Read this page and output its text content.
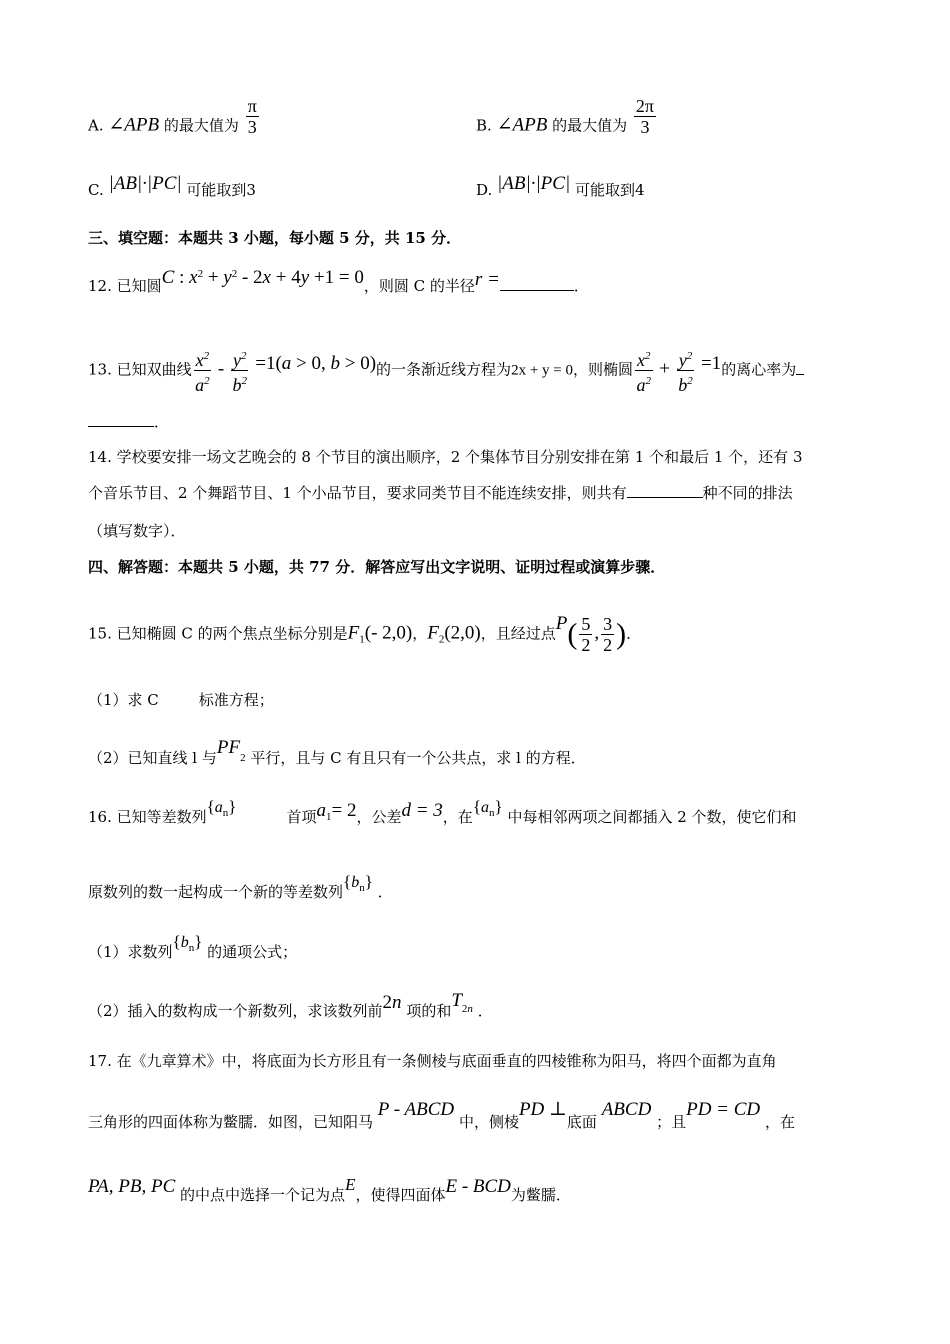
A. ∠APB 的最大值为 $\frac{\pi}{3}$	B. ∠APB 的最大值为 $\frac{2\pi}{3}$
C. |AB|·|PC| 可能取到3	D. |AB|·|PC| 可能取到4
三、填空题：本题共 3 小题，每小题 5 分，共 15 分．
12. 已知圆C : $x^2 + y^2 - 2x + 4y +1 = 0$，则圆 C 的半径r =	．
13. 已知双曲线 $\frac{x^2}{a^2} - \frac{y^2}{b^2} =1(a > 0$, b > 0)的一条渐近线方程为2x + y = 0，则椭圆 $\frac{x^2}{a^2} + \frac{y^2}{b^2} =1$的离心率为
．
14. 学校要安排一场文艺晚会的 8 个节目的演出顺序，2 个集体节目分别安排在第 1 个和最后 1 个，还有 3
个音乐节目、2 个舞蹈节目、1 个小品节目，要求同类节目不能连续安排，则共有	种不同的排法
（填写数字）．
四、解答题：本题共 5 小题，共 77 分．解答应写出文字说明、证明过程或演算步骤．
15. 已知椭圆 C 的两个焦点坐标分别是$F_1(-$ 2,0)，$F_2(2,0)$，且经过点$P( \frac{5}{2}$ , $\frac{3}{2}$ )．
（1）求 C	标准方程；
（2）已知直线 l 与$PF_2$ 平行，且与 C 有且只有一个公共点，求 l 的方程．
16. 已知等差数列$\{a_n\}$首项$a_1= 2$，公差d = 3，在$\{a_n\}$ 中每相邻两项之间都插入 2 个数，使它们和
原数列的数一起构成一个新的等差数列$\{b_n\}$ ．
（1）求数列$\{b_n\}$ 的通项公式；
（2）插入的数构成一个新数列，求该数列前2n 项的和$T_{2n}$ ．
17. 在《九章算术》中，将底面为长方形且有一条侧棱与底面垂直的四棱锥称为阳马，将四个面都为直角
三角形的四面体称为鳖臑．如图，已知阳马 P - ABCD 中，侧棱PD ⊥底面 ABCD ；且PD = CD ，在
PA, PB, PC 的中点中选择一个记为点E，使得四面体E - BCD为鳖臑．
